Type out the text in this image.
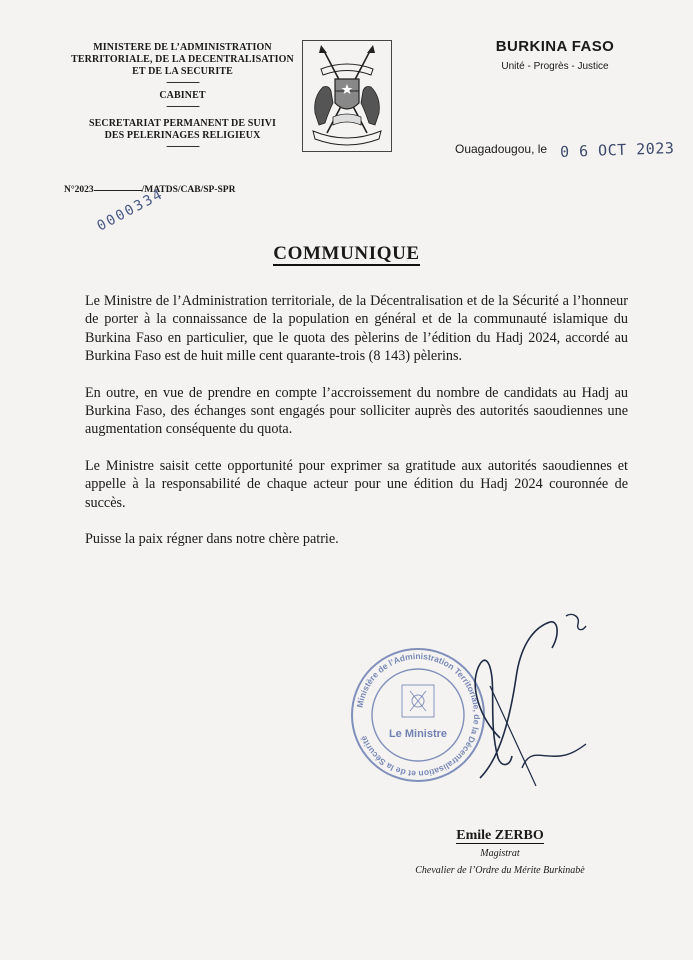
MINISTERE DE L’ADMINISTRATION
TERRITORIALE, DE LA DECENTRALISATION
ET DE LA SECURITE
--------------
CABINET
--------------
SECRETARIAT PERMANENT DE SUIVI
DES PELERINAGES RELIGIEUX
--------------
BURKINA FASO
Unité - Progrès - Justice
Ouagadougou, le 0 6 OCT 2023
N°2023	/MATDS/CAB/SP-SPR
0000334
COMMUNIQUE

Le Ministre de l’Administration territoriale, de la Décentralisation et de la Sécurité a l’honneur de porter à la connaissance de la population en général et de la communauté islamique du Burkina Faso en particulier, que le quota des pèlerins de l’édition du Hadj 2024, accordé au Burkina Faso est de huit mille cent quarante-trois (8 143) pèlerins.

En outre, en vue de prendre en compte l’accroissement du nombre de candidats au Hadj au Burkina Faso, des échanges sont engagés pour solliciter auprès des autorités saoudiennes une augmentation conséquente du quota.

Le Ministre saisit cette opportunité pour exprimer sa gratitude aux autorités saoudiennes et appelle à la responsabilité de chaque acteur pour une édition du Hadj 2024 couronnée de succès.

Puisse la paix régner dans notre chère patrie.

Ministère de l’Administration Territoriale, de la Décentralisation et de la Sécurité	Le Ministre
Emile ZERBO
Magistrat
Chevalier de l’Ordre du Mérite Burkinabè
